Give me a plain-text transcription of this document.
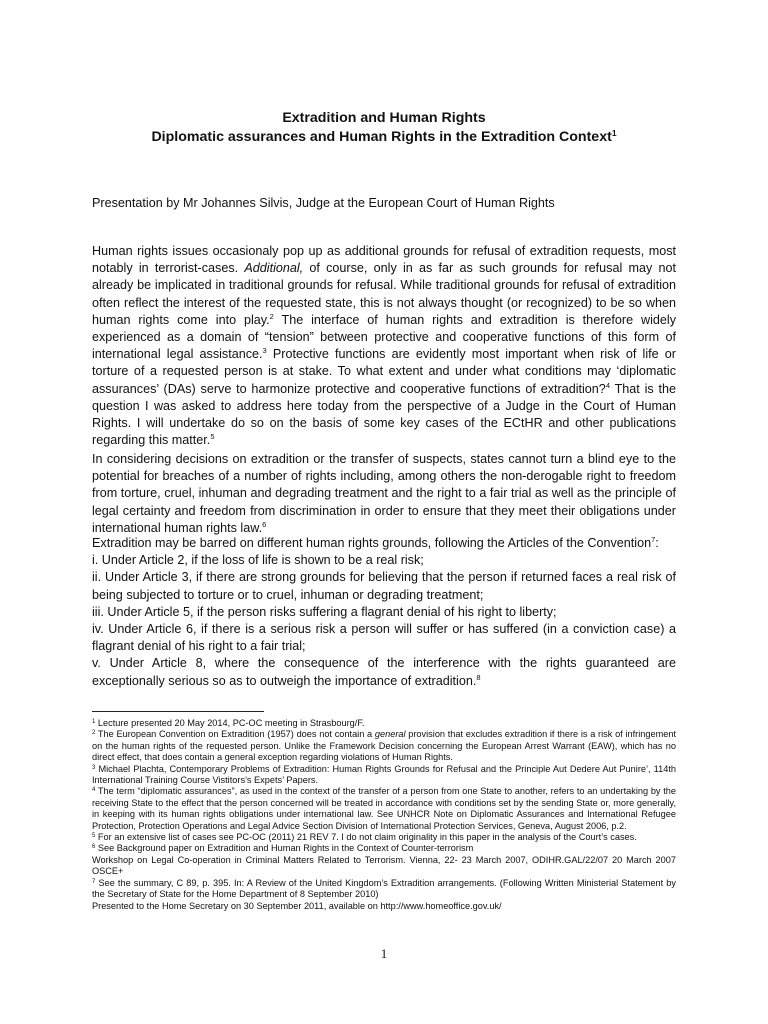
Extradition and Human Rights
Diplomatic assurances and Human Rights in the Extradition Context$^1$
Presentation by Mr Johannes Silvis, Judge at the European Court of Human Rights

Human rights issues occasionaly pop up as additional grounds for refusal of extradition requests, most notably in terrorist-cases. Additional, of course, only in as far as such grounds for refusal may not already be implicated in traditional grounds for refusal. While traditional grounds for refusal of extradition often reflect the interest of the requested state, this is not always thought (or recognized) to be so when human rights come into play.$^2$ The interface of human rights and extradition is therefore widely experienced as a domain of “tension” between protective and cooperative functions of this form of international legal assistance.$^3$ Protective functions are evidently most important when risk of life or torture of a requested person is at stake. To what extent and under what conditions may ‘diplomatic assurances’ (DAs) serve to harmonize protective and cooperative functions of extradition?$^4$ That is the question I was asked to address here today from the perspective of a Judge in the Court of Human Rights. I will undertake do so on the basis of some key cases of the ECtHR and other publications regarding this matter.$^5$

In considering decisions on extradition or the transfer of suspects, states cannot turn a blind eye to the potential for breaches of a number of rights including, among others the non-derogable right to freedom from torture, cruel, inhuman and degrading treatment and the right to a fair trial as well as the principle of legal certainty and freedom from discrimination in order to ensure that they meet their obligations under international human rights law.$^6$

Extradition may be barred on different human rights grounds, following the Articles of the Convention$^7$:

i. Under Article 2, if the loss of life is shown to be a real risk;

ii. Under Article 3, if there are strong grounds for believing that the person if returned faces a real risk of being subjected to torture or to cruel, inhuman or degrading treatment;

iii. Under Article 5, if the person risks suffering a flagrant denial of his right to liberty;

iv. Under Article 6, if there is a serious risk a person will suffer or has suffered (in a conviction case) a flagrant denial of his right to a fair trial;

v. Under Article 8, where the consequence of the interference with the rights guaranteed are exceptionally serious so as to outweigh the importance of extradition.$^8$

$^1$ Lecture presented 20 May 2014, PC-OC meeting in Strasbourg/F.

$^2$ The European Convention on Extradition (1957) does not contain a general provision that excludes extradition if there is a risk of infringement on the human rights of the requested person. Unlike the Framework Decision concerning the European Arrest Warrant (EAW), which has no direct effect, that does contain a general exception regarding violations of Human Rights.

$^3$ Michael Plachta, Contemporary Problems of Extradition: Human Rights Grounds for Refusal and the Principle Aut Dedere Aut Punire’, 114th International Training Course Vistitors’s Expets’ Papers.

$^4$ The term “diplomatic assurances”, as used in the context of the transfer of a person from one State to another, refers to an undertaking by the receiving State to the effect that the person concerned will be treated in accordance with conditions set by the sending State or, more generally, in keeping with its human rights obligations under international law. See UNHCR Note on Diplomatic Assurances and International Refugee Protection, Protection Operations and Legal Advice Section Division of International Protection Services, Geneva, August 2006, p.2.

$^5$ For an extensive list of cases see PC-OC (2011) 21 REV 7. I do not claim originality in this paper in the analysis of the Court’s cases.

$^6$ See Background paper on Extradition and Human Rights in the Context of Counter-terrorism

Workshop on Legal Co-operation in Criminal Matters Related to Terrorism. Vienna, 22- 23 March 2007, ODIHR.GAL/22/07 20 March 2007 OSCE+

$^7$ See the summary, C 89, p. 395. In: A Review of the United Kingdom’s Extradition arrangements. (Following Written Ministerial Statement by the Secretary of State for the Home Department of 8 September 2010)

Presented to the Home Secretary on 30 September 2011, available on http://www.homeoffice.gov.uk/

1
